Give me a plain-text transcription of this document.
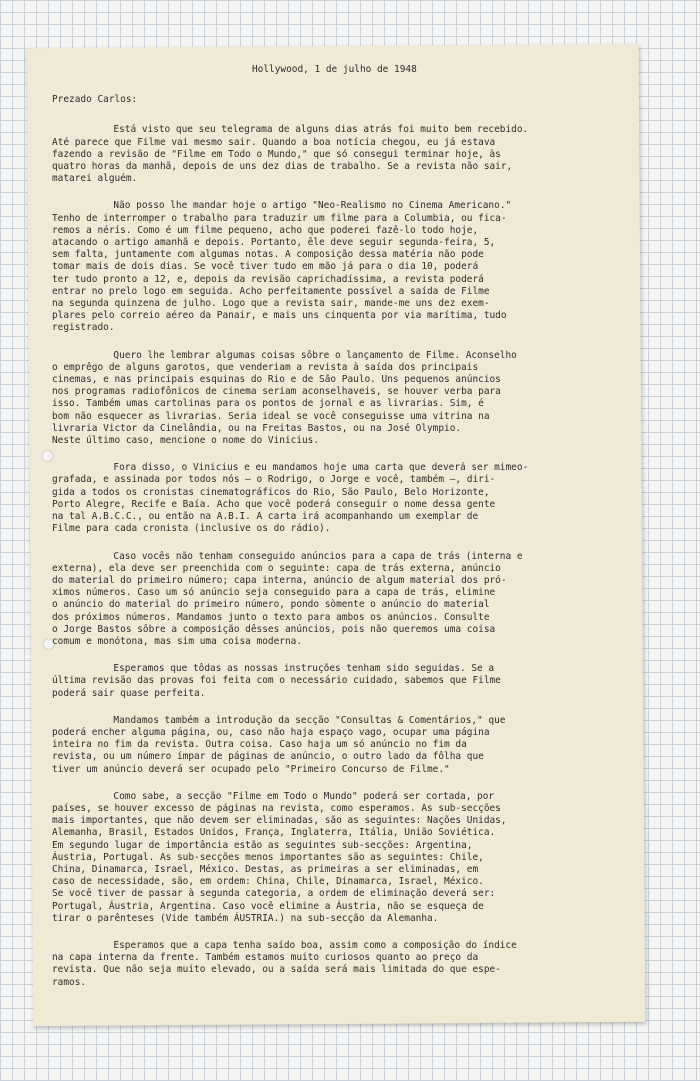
Hollywood, 1 de julho de 1948
Prezado Carlos:

Está visto que seu telegrama de alguns dias atrás foi muito bem recebido.
Até parece que Filme vai mesmo sair. Quando a boa notícia chegou, eu já estava
fazendo a revisão de "Filme em Todo o Mundo," que só consegui terminar hoje, às
quatro horas da manhã, depois de uns dez dias de trabalho. Se a revista não sair,
matarei alguém.

Não posso lhe mandar hoje o artigo "Neo-Realismo no Cinema Americano."
Tenho de interromper o trabalho para traduzir um filme para a Columbia, ou fica-
remos a nérís. Como é um filme pequeno, acho que poderei fazê-lo todo hoje,
atacando o artigo amanhã e depois. Portanto, êle deve seguir segunda-feira, 5,
sem falta, juntamente com algumas notas. A composição dessa matéria não pode
tomar mais de dois dias. Se você tiver tudo em mão já para o dia 10, poderá
ter tudo pronto a 12, e, depois da revisão caprichadíssima, a revista poderá
entrar no prelo logo em seguida. Acho perfeitamente possível a saída de Filme
na segunda quinzena de julho. Logo que a revista sair, mande-me uns dez exem-
plares pelo correio aéreo da Panair, e mais uns cinquenta por via marítima, tudo
registrado.

Quero lhe lembrar algumas coisas sôbre o lançamento de Filme. Aconselho
o emprêgo de alguns garotos, que venderiam a revista à saída dos principais
cinemas, e nas principais esquinas do Rio e de São Paulo. Uns pequenos anúncios
nos programas radiofônicos de cinema seriam aconselhaveis, se houver verba para
isso. Também umas cartolinas para os pontos de jornal e as livrarias. Sim, é
bom não esquecer as livrarias. Seria ideal se você conseguisse uma vitrina na
livraria Victor da Cinelândia, ou na Freitas Bastos, ou na José Olympio.
Neste último caso, mencione o nome do Vinicius.

Fora disso, o Vinicius e eu mandamos hoje uma carta que deverá ser mimeo-
grafada, e assinada por todos nós — o Rodrigo, o Jorge e você, também —, diri-
gida a todos os cronistas cinematográficos do Rio, São Paulo, Belo Horizonte,
Porto Alegre, Recife e Baía. Acho que você poderá conseguir o nome dessa gente
na tal A.B.C.C., ou então na A.B.I. A carta irá acompanhando um exemplar de
Filme para cada cronista (inclusive os do rádio).

Caso vocês não tenham conseguido anúncios para a capa de trás (interna e
externa), ela deve ser preenchida com o seguinte: capa de trás externa, anúncio
do material do primeiro número; capa interna, anúncio de algum material dos pró-
ximos números. Caso um só anúncio seja conseguido para a capa de trás, elimine
o anúncio do material do primeiro número, pondo sòmente o anúncio do material
dos próximos números. Mandamos junto o texto para ambos os anúncios. Consulte
o Jorge Bastos sôbre a composição dêsses anúncios, pois não queremos uma coisa
comum e monótona, mas sim uma coisa moderna.

Esperamos que tôdas as nossas instruções tenham sido seguidas. Se a
última revisão das provas foi feita com o necessário cuidado, sabemos que Filme
poderá sair quase perfeita.

Mandamos também a introdução da secção "Consultas & Comentários," que
poderá encher alguma página, ou, caso não haja espaço vago, ocupar uma página
inteira no fim da revista. Outra coisa. Caso haja um só anúncio no fim da
revista, ou um número ímpar de páginas de anúncio, o outro lado da fôlha que
tiver um anúncio deverá ser ocupado pelo "Primeiro Concurso de Filme."

Como sabe, a secção "Filme em Todo o Mundo" poderá ser cortada, por
países, se houver excesso de páginas na revista, como esperamos. As sub-secções
mais importantes, que não devem ser eliminadas, são as seguintes: Nações Unidas,
Alemanha, Brasil, Estados Unidos, França, Inglaterra, Itália, União Soviética.
Em segundo lugar de importância estão as seguintes sub-secções: Argentina,
Áustria, Portugal. As sub-secções menos importantes são as seguintes: Chile,
China, Dinamarca, Israel, México. Destas, as primeiras a ser eliminadas, em
caso de necessidade, são, em ordem: China, Chile, Dinamarca, Israel, México.
Se você tiver de passar à segunda categoria, a ordem de eliminação deverá ser:
Portugal, Áustria, Argentina. Caso você elimine a Áustria, não se esqueça de
tirar o parênteses (Vide também ÁUSTRIA.) na sub-secção da Alemanha.

Esperamos que a capa tenha saído boa, assim como a composição do índice
na capa interna da frente. Também estamos muito curiosos quanto ao preço da
revista. Que não seja muito elevado, ou a saída será mais limitada do que espe-
ramos.
